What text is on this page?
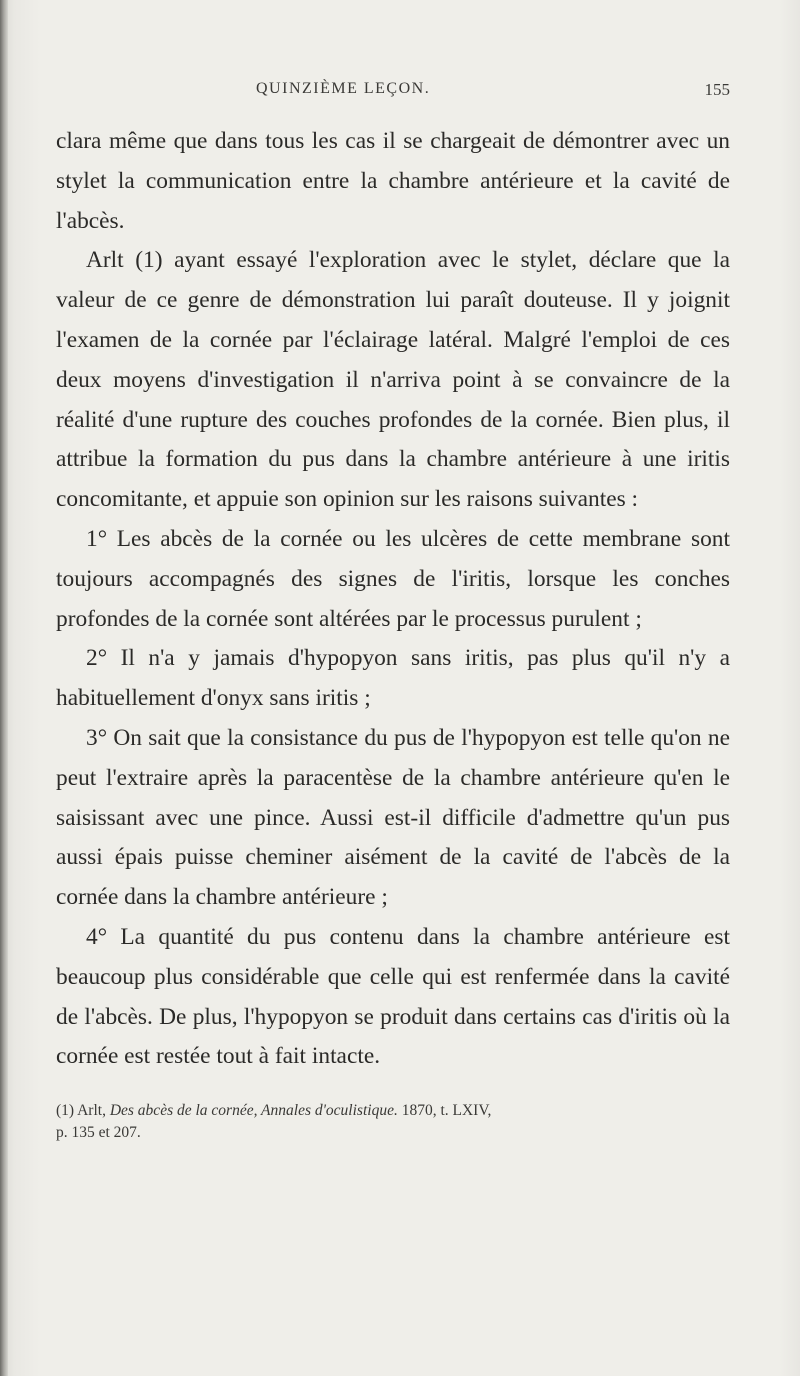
QUINZIÈME LEÇON.	155

clara même que dans tous les cas il se chargeait de démontrer avec un stylet la communication entre la chambre antérieure et la cavité de l'abcès.

Arlt (1) ayant essayé l'exploration avec le stylet, déclare que la valeur de ce genre de démonstration lui paraît douteuse. Il y joignit l'examen de la cornée par l'éclairage latéral. Malgré l'emploi de ces deux moyens d'investigation il n'arriva point à se convaincre de la réalité d'une rupture des couches profondes de la cornée. Bien plus, il attribue la formation du pus dans la chambre antérieure à une iritis concomitante, et appuie son opinion sur les raisons suivantes :

1° Les abcès de la cornée ou les ulcères de cette membrane sont toujours accompagnés des signes de l'iritis, lorsque les conches profondes de la cornée sont altérées par le processus purulent ;

2° Il n'a y jamais d'hypopyon sans iritis, pas plus qu'il n'y a habituellement d'onyx sans iritis ;

3° On sait que la consistance du pus de l'hypopyon est telle qu'on ne peut l'extraire après la paracentèse de la chambre antérieure qu'en le saisissant avec une pince. Aussi est-il difficile d'admettre qu'un pus aussi épais puisse cheminer aisément de la cavité de l'abcès de la cornée dans la chambre antérieure ;

4° La quantité du pus contenu dans la chambre antérieure est beaucoup plus considérable que celle qui est renfermée dans la cavité de l'abcès. De plus, l'hypopyon se produit dans certains cas d'iritis où la cornée est restée tout à fait intacte.

(1) Arlt, Des abcès de la cornée, Annales d'oculistique. 1870, t. LXIV,
p. 135 et 207.
